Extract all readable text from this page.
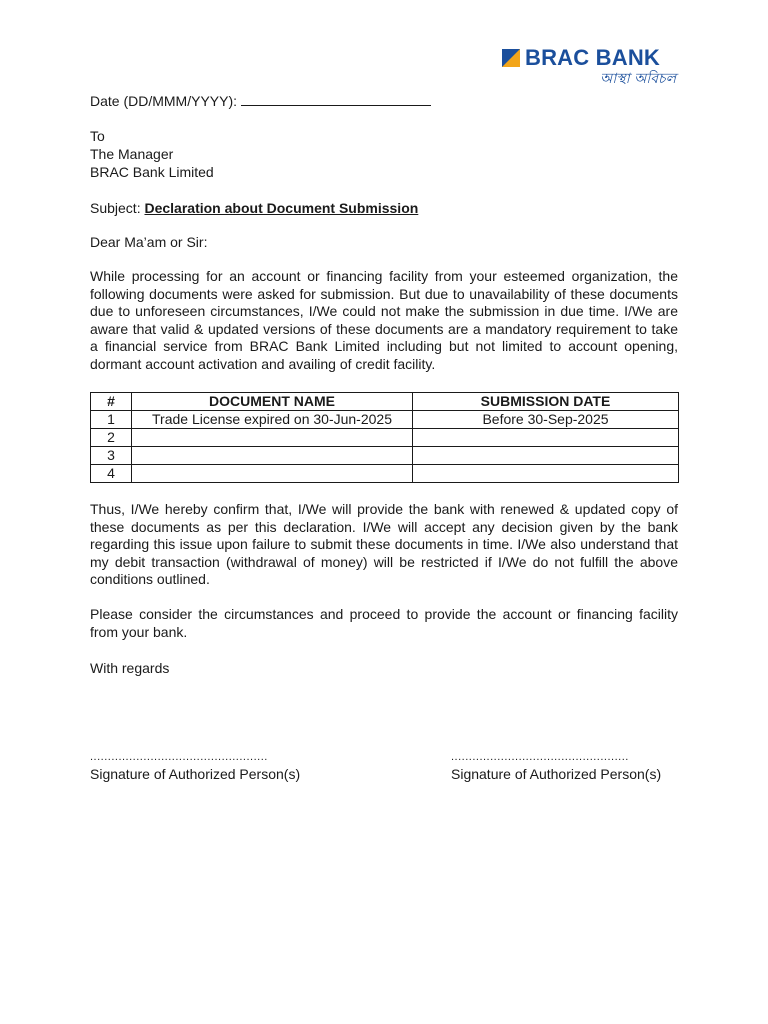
BRAC BANK
আস্থা অবিচল
Date (DD/MMM/YYYY):
To
The Manager
BRAC Bank Limited
Subject: Declaration about Document Submission
Dear Ma’am or Sir:
While processing for an account or financing facility from your esteemed organization, the following documents were asked for submission. But due to unavailability of these documents due to unforeseen circumstances, I/We could not make the submission in due time. I/We are aware that valid & updated versions of these documents are a mandatory requirement to take a financial service from BRAC Bank Limited including but not limited to account opening, dormant account activation and availing of credit facility.
#	DOCUMENT NAME	SUBMISSION DATE
1	Trade License expired on 30-Jun-2025	Before 30-Sep-2025
2		
3		
4		
Thus, I/We hereby confirm that, I/We will provide the bank with renewed & updated copy of these documents as per this declaration. I/We will accept any decision given by the bank regarding this issue upon failure to submit these documents in time. I/We also understand that my debit transaction (withdrawal of money) will be restricted if I/We do not fulfill the above conditions outlined.
Please consider the circumstances and proceed to provide the account or financing facility from your bank.
With regards
..................................................
Signature of Authorized Person(s)
..................................................
Signature of Authorized Person(s)
